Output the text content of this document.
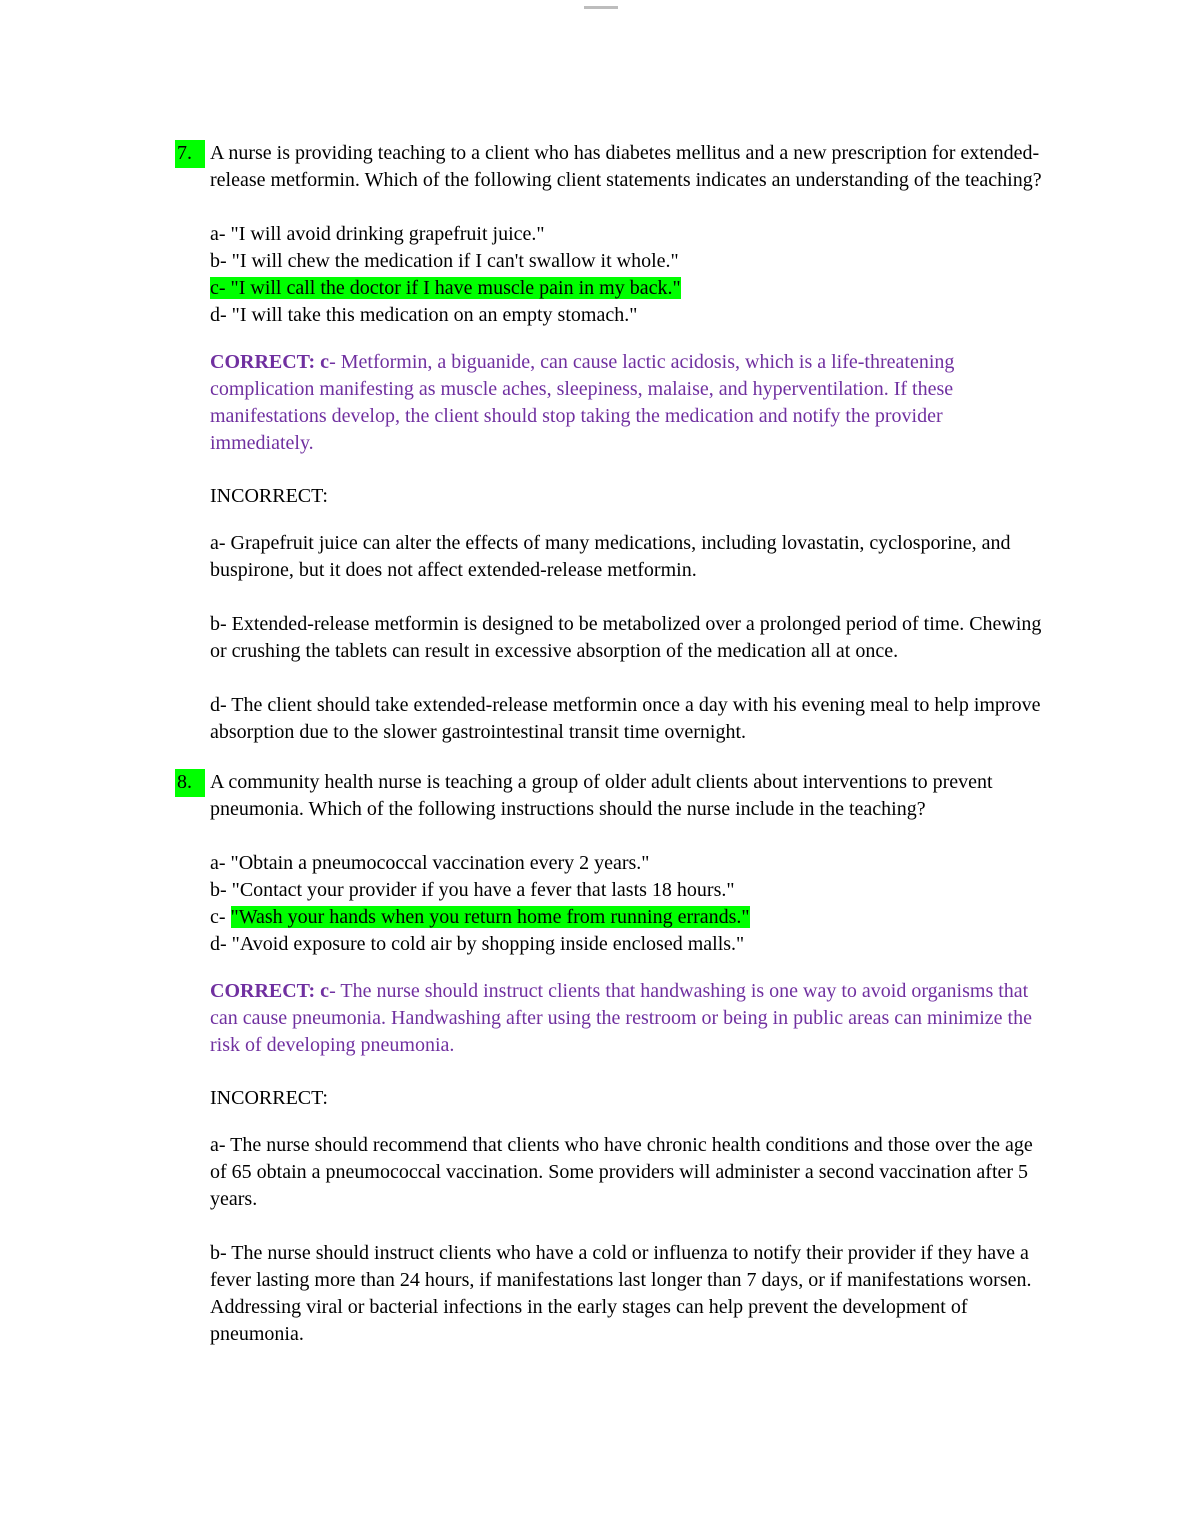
7. A nurse is providing teaching to a client who has diabetes mellitus and a new prescription for extended-release metformin. Which of the following client statements indicates an understanding of the teaching?

a- "I will avoid drinking grapefruit juice."
b- "I will chew the medication if I can't swallow it whole."
c- "I will call the doctor if I have muscle pain in my back."
d- "I will take this medication on an empty stomach."

CORRECT: c- Metformin, a biguanide, can cause lactic acidosis, which is a life-threatening complication manifesting as muscle aches, sleepiness, malaise, and hyperventilation. If these manifestations develop, the client should stop taking the medication and notify the provider immediately.

INCORRECT:

a- Grapefruit juice can alter the effects of many medications, including lovastatin, cyclosporine, and buspirone, but it does not affect extended-release metformin.

b- Extended-release metformin is designed to be metabolized over a prolonged period of time. Chewing or crushing the tablets can result in excessive absorption of the medication all at once.

d- The client should take extended-release metformin once a day with his evening meal to help improve absorption due to the slower gastrointestinal transit time overnight.

8. A community health nurse is teaching a group of older adult clients about interventions to prevent pneumonia. Which of the following instructions should the nurse include in the teaching?

a- "Obtain a pneumococcal vaccination every 2 years."
b- "Contact your provider if you have a fever that lasts 18 hours."
c- "Wash your hands when you return home from running errands."
d- "Avoid exposure to cold air by shopping inside enclosed malls."

CORRECT: c- The nurse should instruct clients that handwashing is one way to avoid organisms that can cause pneumonia. Handwashing after using the restroom or being in public areas can minimize the risk of developing pneumonia.

INCORRECT:

a- The nurse should recommend that clients who have chronic health conditions and those over the age of 65 obtain a pneumococcal vaccination. Some providers will administer a second vaccination after 5 years.

b- The nurse should instruct clients who have a cold or influenza to notify their provider if they have a fever lasting more than 24 hours, if manifestations last longer than 7 days, or if manifestations worsen. Addressing viral or bacterial infections in the early stages can help prevent the development of pneumonia.
